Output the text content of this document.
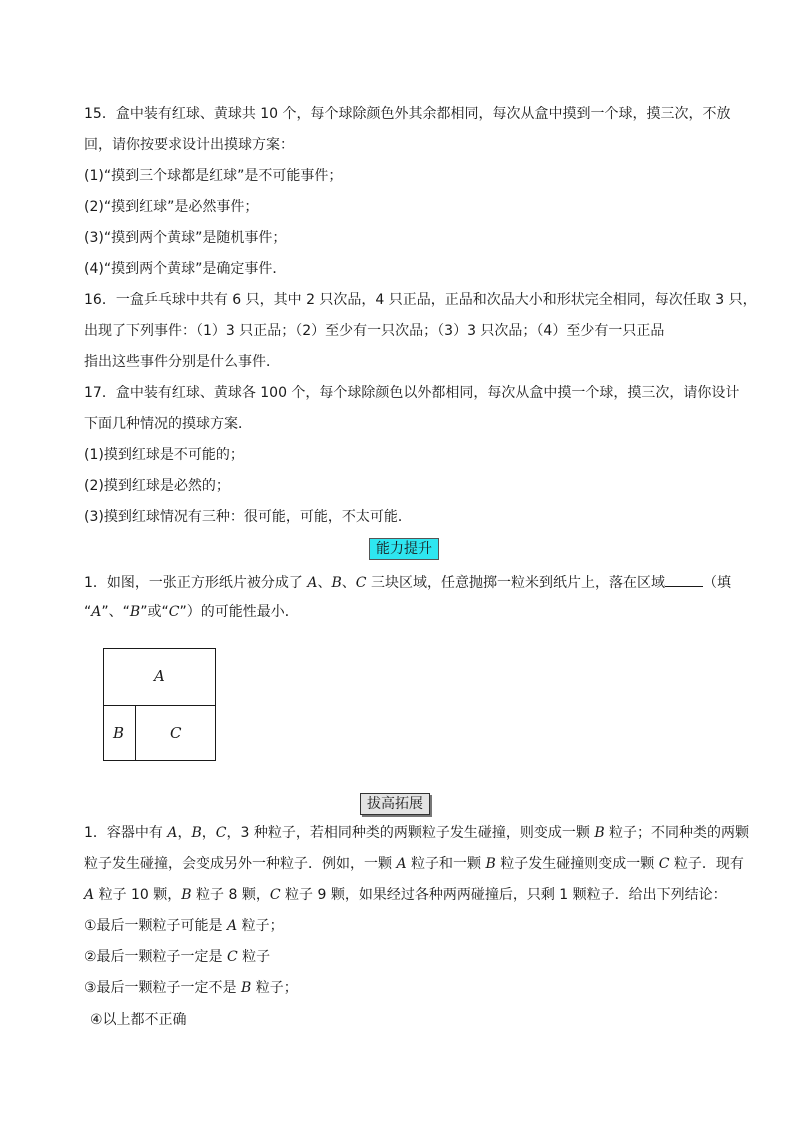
15．盒中装有红球、黄球共 10 个，每个球除颜色外其余都相同，每次从盒中摸到一个球，摸三次，不放
回，请你按要求设计出摸球方案：
(1)“摸到三个球都是红球”是不可能事件；
(2)“摸到红球”是必然事件；
(3)“摸到两个黄球”是随机事件；
(4)“摸到两个黄球”是确定事件．
16．一盒乒乓球中共有 6 只，其中 2 只次品，4 只正品，正品和次品大小和形状完全相同，每次任取 3 只，
出现了下列事件：（1）3 只正品；（2）至少有一只次品；（3）3 只次品；（4）至少有一只正品
指出这些事件分别是什么事件．
17．盒中装有红球、黄球各 100 个，每个球除颜色以外都相同，每次从盒中摸一个球，摸三次，请你设计
下面几种情况的摸球方案．
(1)摸到红球是不可能的；
(2)摸到红球是必然的；
(3)摸到红球情况有三种：很可能，可能，不太可能．
能力提升
1．如图，一张正方形纸片被分成了 A、B、C 三块区域，任意抛掷一粒米到纸片上，落在区域	（填
“A”、“B”或“C”）的可能性最小．
A
B	C
拔高拓展
1．容器中有 A，B，C，3 种粒子，若相同种类的两颗粒子发生碰撞，则变成一颗 B 粒子；不同种类的两颗
粒子发生碰撞，会变成另外一种粒子．例如，一颗 A 粒子和一颗 B 粒子发生碰撞则变成一颗 C 粒子．现有
A 粒子 10 颗，B 粒子 8 颗，C 粒子 9 颗，如果经过各种两两碰撞后，只剩 1 颗粒子．给出下列结论：
①最后一颗粒子可能是 A 粒子；
②最后一颗粒子一定是 C 粒子
③最后一颗粒子一定不是 B 粒子；
④以上都不正确
